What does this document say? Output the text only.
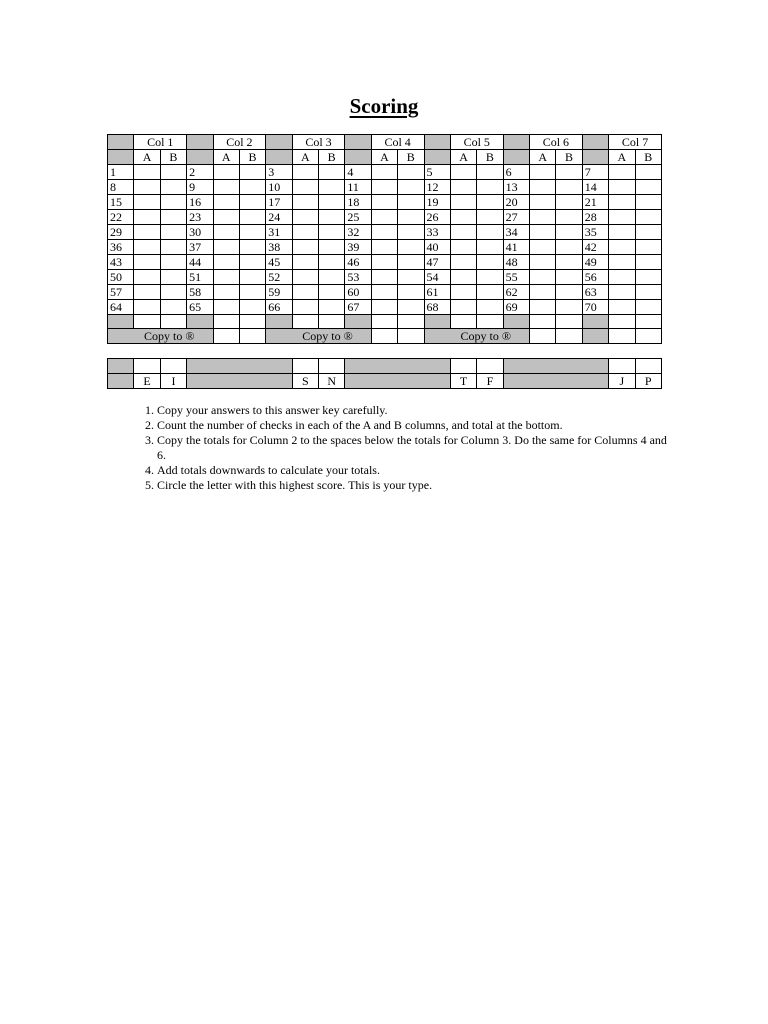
Scoring
	Col 1			Col 2			Col 3			Col 4			Col 5			Col 6			Col 7	
	A	B		A	B		A	B		A	B		A	B		A	B		A	B
1			2			3			4			5			6			7		
8			9			10			11			12			13			14		
15			16			17			18			19			20			21		
22			23			24			25			26			27			28		
29			30			31			32			33			34			35		
36			37			38			39			40			41			42		
43			44			45			46			47			48			49		
50			51			52			53			54			55			56		
57			58			59			60			61			62			63		
64			65			66			67			68			69			70		

Copy to ®						Copy to ®						Copy to ®								

	E	I		S	N		T	F		J	P
1. Copy your answers to this answer key carefully.
2. Count the number of checks in each of the A and B columns, and total at the bottom.
3. Copy the totals for Column 2 to the spaces below the totals for Column 3. Do the same for Columns 4 and 6.
4. Add totals downwards to calculate your totals.
5. Circle the letter with this highest score. This is your type.
